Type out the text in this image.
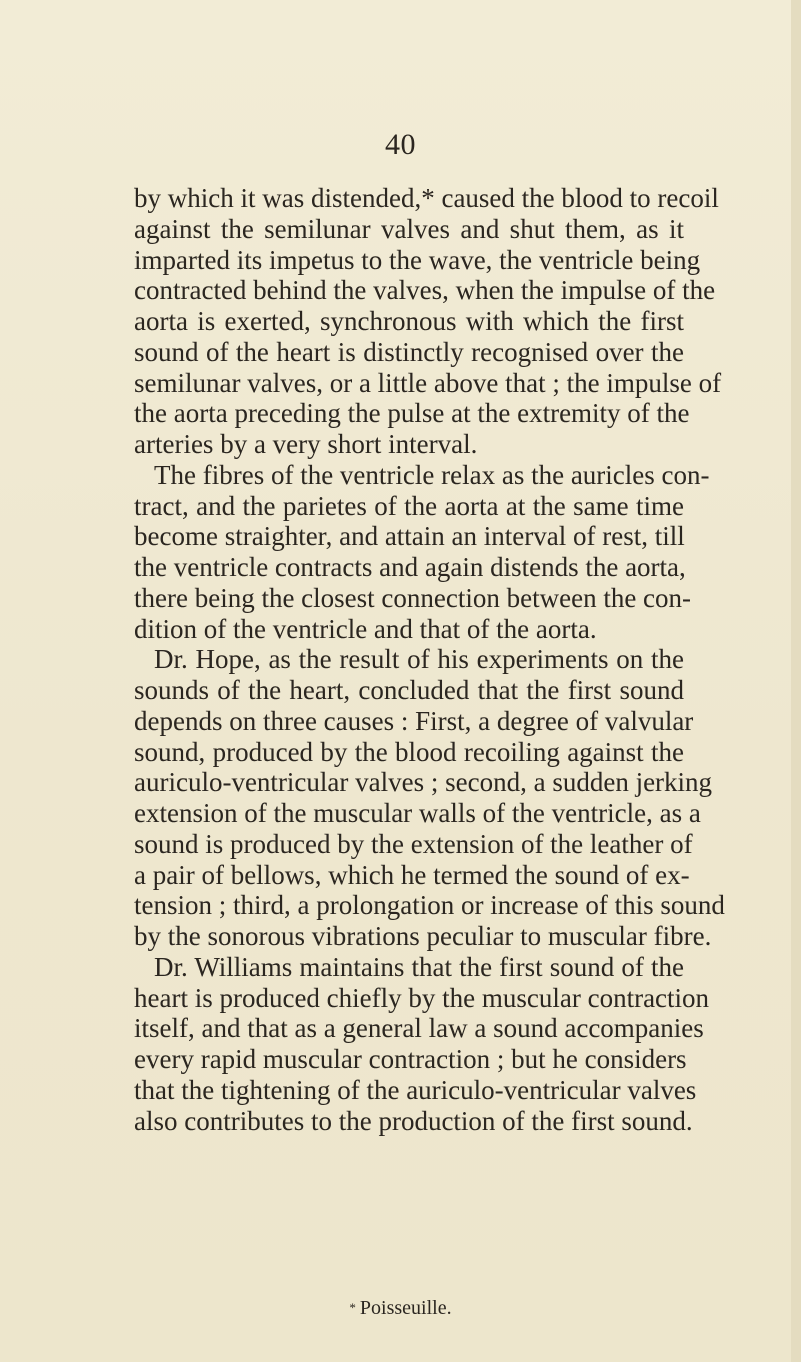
40
by which it was distended,* caused the blood to recoil
against the semilunar valves and shut them, as it
imparted its impetus to the wave, the ventricle being
contracted behind the valves, when the impulse of the
aorta is exerted, synchronous with which the first
sound of the heart is distinctly recognised over the
semilunar valves, or a little above that ; the impulse of
the aorta preceding the pulse at the extremity of the
arteries by a very short interval.
The fibres of the ventricle relax as the auricles con-
tract, and the parietes of the aorta at the same time
become straighter, and attain an interval of rest, till
the ventricle contracts and again distends the aorta,
there being the closest connection between the con-
dition of the ventricle and that of the aorta.
Dr. Hope, as the result of his experiments on the
sounds of the heart, concluded that the first sound
depends on three causes : First, a degree of valvular
sound, produced by the blood recoiling against the
auriculo-ventricular valves ; second, a sudden jerking
extension of the muscular walls of the ventricle, as a
sound is produced by the extension of the leather of
a pair of bellows, which he termed the sound of ex-
tension ; third, a prolongation or increase of this sound
by the sonorous vibrations peculiar to muscular fibre.
Dr. Williams maintains that the first sound of the
heart is produced chiefly by the muscular contraction
itself, and that as a general law a sound accompanies
every rapid muscular contraction ; but he considers
that the tightening of the auriculo-ventricular valves
also contributes to the production of the first sound.
* Poisseuille.
